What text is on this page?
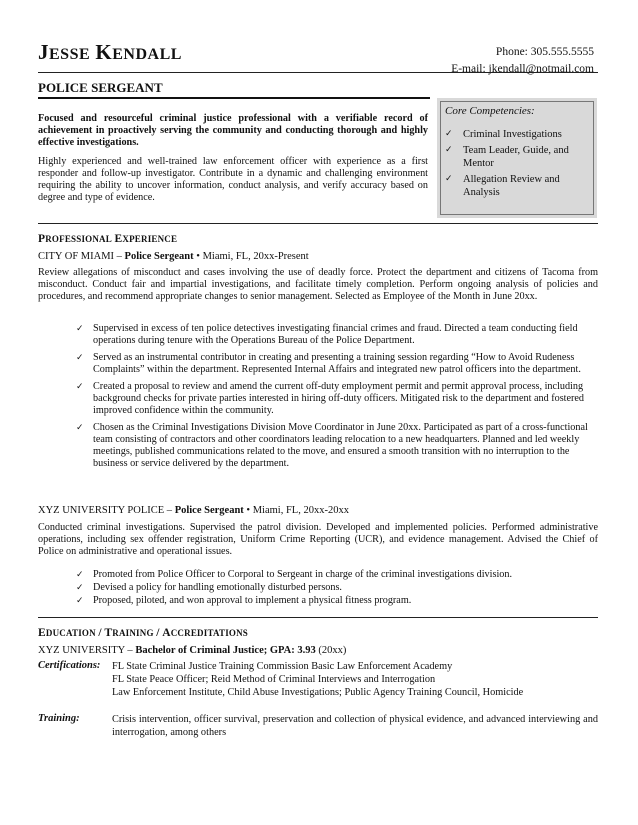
JESSE KENDALL	Phone: 305.555.5555
E-mail: jkendall@notmail.com
POLICE SERGEANT
Focused and resourceful criminal justice professional with a verifiable record of achievement in proactively serving the community and conducting thorough and highly effective investigations.
Highly experienced and well-trained law enforcement officer with experience as a first responder and follow-up investigator. Contribute in a dynamic and challenging environment requiring the ability to uncover information, conduct analysis, and verify accuracy based on degree and type of evidence.
Core Competencies:
✓ Criminal Investigations
✓ Team Leader, Guide, and Mentor
✓ Allegation Review and Analysis
PROFESSIONAL EXPERIENCE
CITY OF MIAMI – Police Sergeant • Miami, FL, 20xx-Present
Review allegations of misconduct and cases involving the use of deadly force. Protect the department and citizens of Tacoma from misconduct. Conduct fair and impartial investigations, and facilitate timely completion. Perform ongoing analysis of policies and procedures, and recommend appropriate changes to senior management. Selected as Employee of the Month in June 20xx.
✓ Supervised in excess of ten police detectives investigating financial crimes and fraud. Directed a team conducting field operations during tenure with the Operations Bureau of the Police Department.
✓ Served as an instrumental contributor in creating and presenting a training session regarding “How to Avoid Rudeness Complaints” within the department. Represented Internal Affairs and integrated new patrol officers into the department.
✓ Created a proposal to review and amend the current off-duty employment permit and permit approval process, including background checks for private parties interested in hiring off-duty officers. Mitigated risk to the department and fostered improved confidence within the community.
✓ Chosen as the Criminal Investigations Division Move Coordinator in June 20xx. Participated as part of a cross-functional team consisting of contractors and other coordinators leading relocation to a new headquarters. Planned and led weekly meetings, published communications related to the move, and ensured a smooth transition with no interruption to the business or service delivered by the department.
XYZ UNIVERSITY POLICE – Police Sergeant • Miami, FL, 20xx-20xx
Conducted criminal investigations. Supervised the patrol division. Developed and implemented policies. Performed administrative operations, including sex offender registration, Uniform Crime Reporting (UCR), and evidence management. Advised the Chief of Police on administrative and operational issues.
✓ Promoted from Police Officer to Corporal to Sergeant in charge of the criminal investigations division.
✓ Devised a policy for handling emotionally disturbed persons.
✓ Proposed, piloted, and won approval to implement a physical fitness program.
EDUCATION / TRAINING / ACCREDITATIONS
XYZ UNIVERSITY – Bachelor of Criminal Justice; GPA: 3.93 (20xx)
Certifications: FL State Criminal Justice Training Commission Basic Law Enforcement Academy
FL State Peace Officer; Reid Method of Criminal Interviews and Interrogation
Law Enforcement Institute, Child Abuse Investigations; Public Agency Training Council, Homicide
Training:	Crisis intervention, officer survival, preservation and collection of physical evidence, and advanced interviewing and interrogation, among others
